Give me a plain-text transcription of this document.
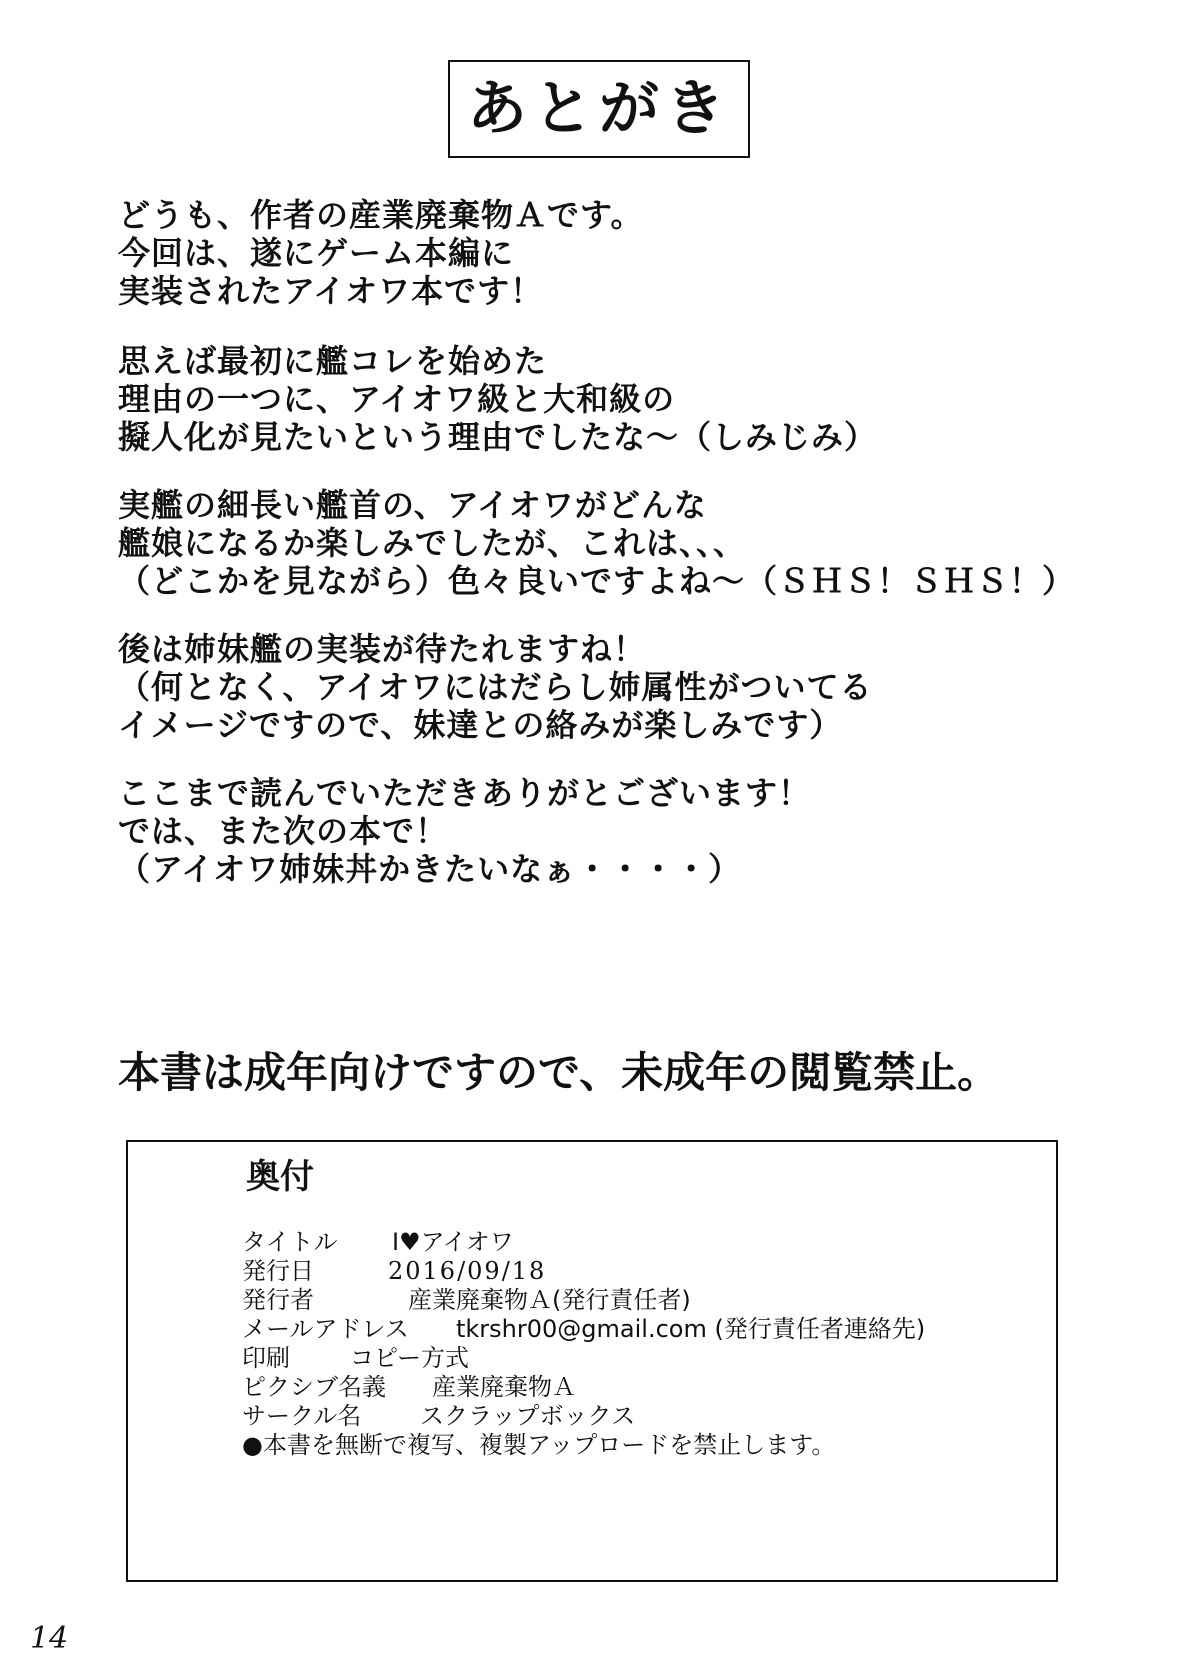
あとがき
どうも、作者の産業廃棄物Ａです。
今回は、遂にゲーム本編に
実装されたアイオワ本です！
思えば最初に艦コレを始めた
理由の一つに、アイオワ級と大和級の
擬人化が見たいという理由でしたな～（しみじみ）
実艦の細長い艦首の、アイオワがどんな
艦娘になるか楽しみでしたが、これは、、、
（どこかを見ながら）色々良いですよね～（ＳＨＳ！ＳＨＳ！）
後は姉妹艦の実装が待たれますね！
（何となく、アイオワにはだらし姉属性がついてる
イメージですので、妹達との絡みが楽しみです）
ここまで読んでいただきありがとございます！
では、また次の本で！
（アイオワ姉妹丼かきたいなぁ・・・・）
本書は成年向けですので、未成年の閲覧禁止。
奥付
タイトル	I♥アイオワ
発行日	2016/09/18
発行者	産業廃棄物Ａ(発行責任者)
メールアドレス	tkrshr00@gmail.com (発行責任者連絡先)
印刷	コピー方式
ピクシブ名義	産業廃棄物Ａ
サークル名	スクラップボックス
●本書を無断で複写、複製アップロードを禁止します。
14
